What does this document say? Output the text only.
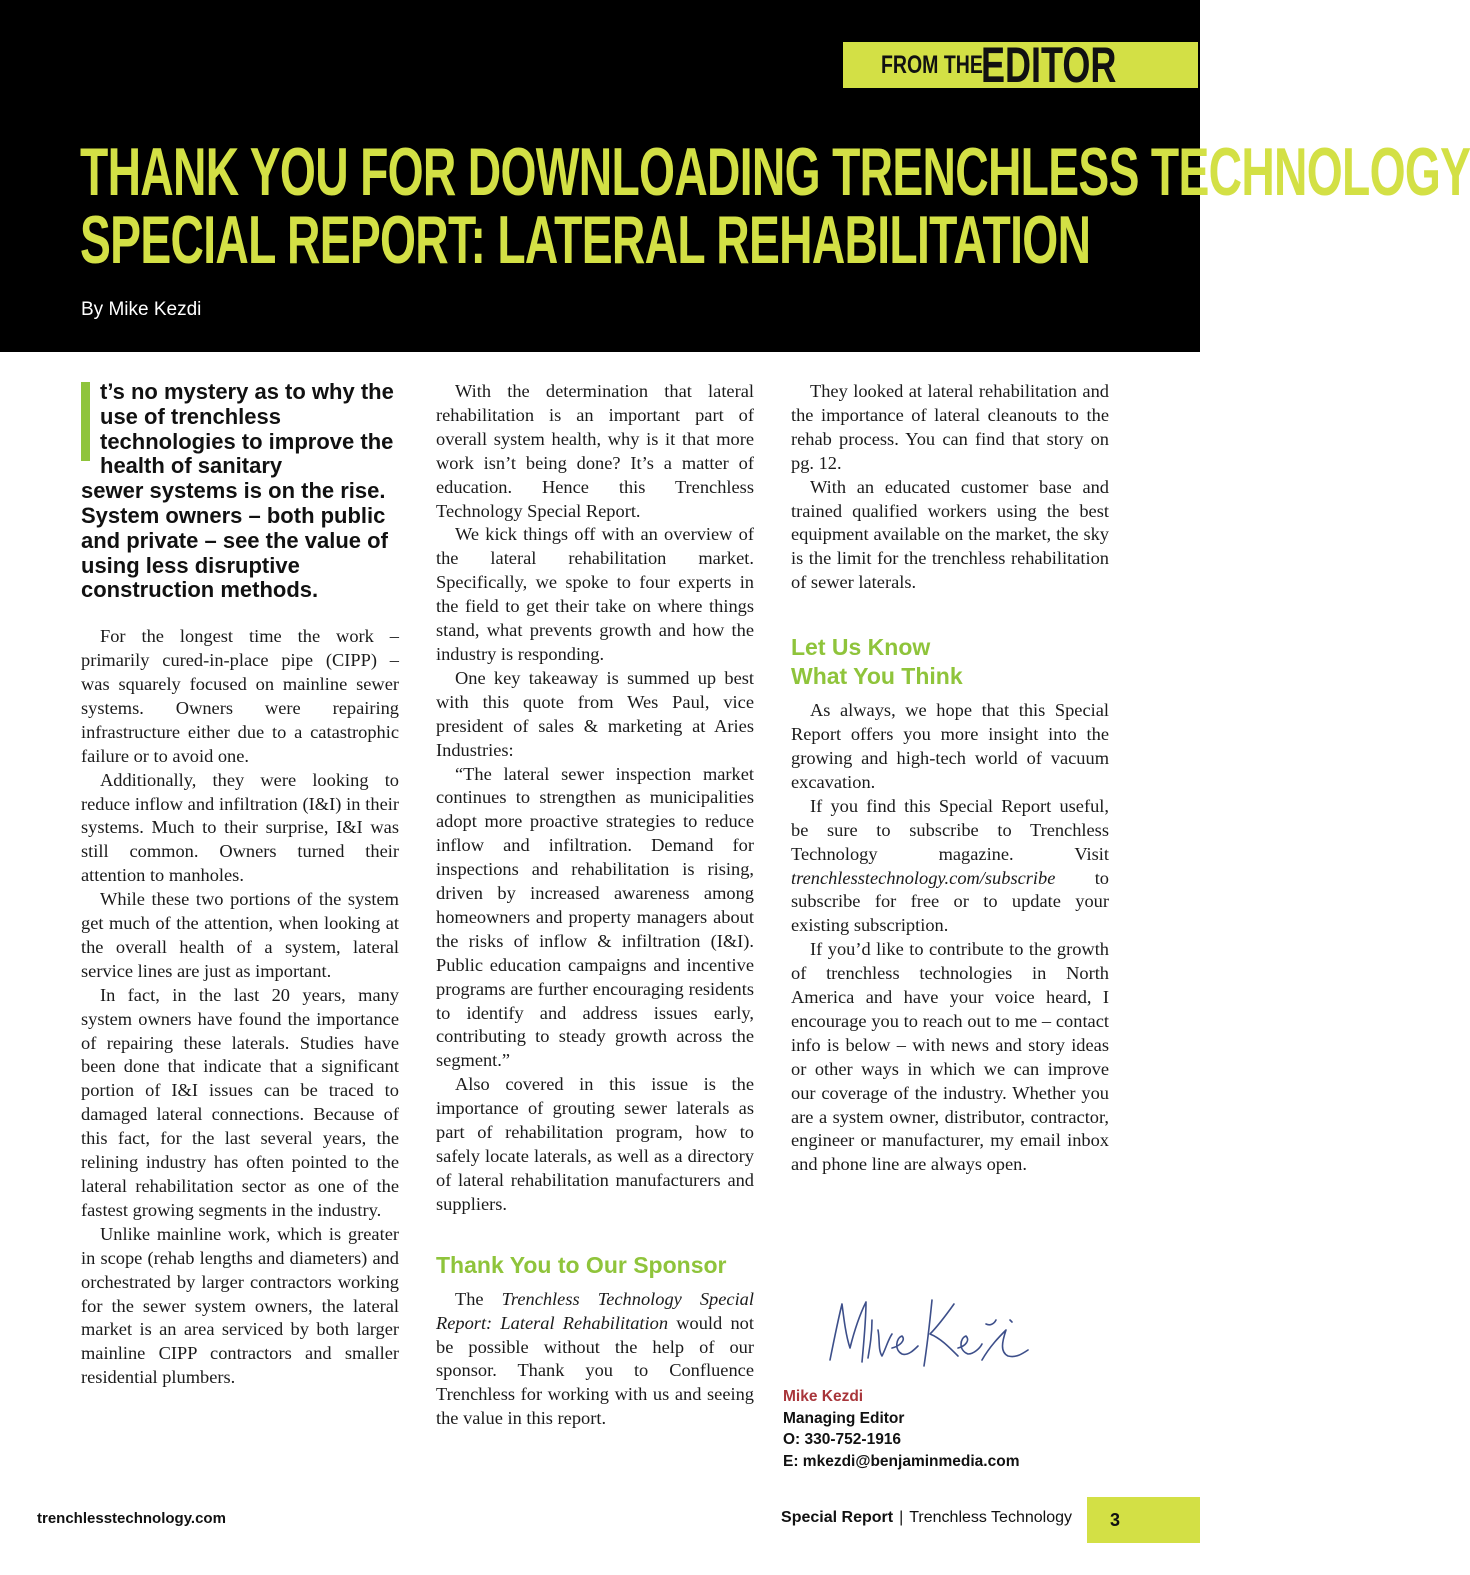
FROM THE
EDITOR
THANK YOU FOR DOWNLOADING TRENCHLESS TECHNOLOGY
SPECIAL REPORT: LATERAL REHABILITATION
By Mike Kezdi
t’s no mystery as to why the use of trenchless technologies to improve the health of sanitary
sewer systems is on the rise. System owners – both public and private – see the value of using less disruptive construction methods.

For the longest time the work – primarily cured-in-place pipe (CIPP) – was squarely focused on mainline sewer systems. Owners were repairing infrastructure either due to a catastrophic failure or to avoid one.

Additionally, they were looking to reduce inflow and infiltration (I&I) in their systems. Much to their surprise, I&I was still common. Owners turned their attention to manholes.

While these two portions of the system get much of the attention, when looking at the overall health of a system, lateral service lines are just as important.

In fact, in the last 20 years, many system owners have found the importance of repairing these laterals. Studies have been done that indicate that a significant portion of I&I issues can be traced to damaged lateral connections. Because of this fact, for the last several years, the relining industry has often pointed to the lateral rehabilitation sector as one of the fastest growing segments in the industry.

Unlike mainline work, which is greater in scope (rehab lengths and diameters) and orchestrated by larger contractors working for the sewer system owners, the lateral market is an area serviced by both larger mainline CIPP contractors and smaller residential plumbers.

With the determination that lateral rehabilitation is an important part of overall system health, why is it that more work isn’t being done? It’s a matter of education. Hence this Trenchless Technology Special Report.

We kick things off with an overview of the lateral rehabilitation market. Specifically, we spoke to four experts in the field to get their take on where things stand, what prevents growth and how the industry is responding.

One key takeaway is summed up best with this quote from Wes Paul, vice president of sales & marketing at Aries Industries:

“The lateral sewer inspection market continues to strengthen as municipalities adopt more proactive strategies to reduce inflow and infiltration. Demand for inspections and rehabilitation is rising, driven by increased awareness among homeowners and property managers about the risks of inflow & infiltration (I&I). Public education campaigns and incentive programs are further encouraging residents to identify and address issues early, contributing to steady growth across the segment.”

Also covered in this issue is the importance of grouting sewer laterals as part of rehabilitation program, how to safely locate laterals, as well as a directory of lateral rehabilitation manufacturers and suppliers.

Thank You to Our Sponsor

The Trenchless Technology Special Report: Lateral Rehabilitation would not be possible without the help of our sponsor. Thank you to Confluence Trenchless for working with us and seeing the value in this report.

They looked at lateral rehabilitation and the importance of lateral cleanouts to the rehab process. You can find that story on pg. 12.

With an educated customer base and trained qualified workers using the best equipment available on the market, the sky is the limit for the trenchless rehabilitation of sewer laterals.

Let Us Know
What You Think

As always, we hope that this Special Report offers you more insight into the growing and high-tech world of vacuum excavation.

If you find this Special Report useful, be sure to subscribe to Trenchless Technology magazine. Visit trenchlesstechnology.com/subscribe to subscribe for free or to update your existing subscription.

If you’d like to contribute to the growth of trenchless technologies in North America and have your voice heard, I encourage you to reach out to me – contact info is below – with news and story ideas or other ways in which we can improve our coverage of the industry. Whether you are a system owner, distributor, contractor, engineer or manufacturer, my email inbox and phone line are always open.

Mike Kezdi
Managing Editor
O: 330-752-1916
E: mkezdi@benjaminmedia.com
trenchlesstechnology.com	Special Report | Trenchless Technology	3
